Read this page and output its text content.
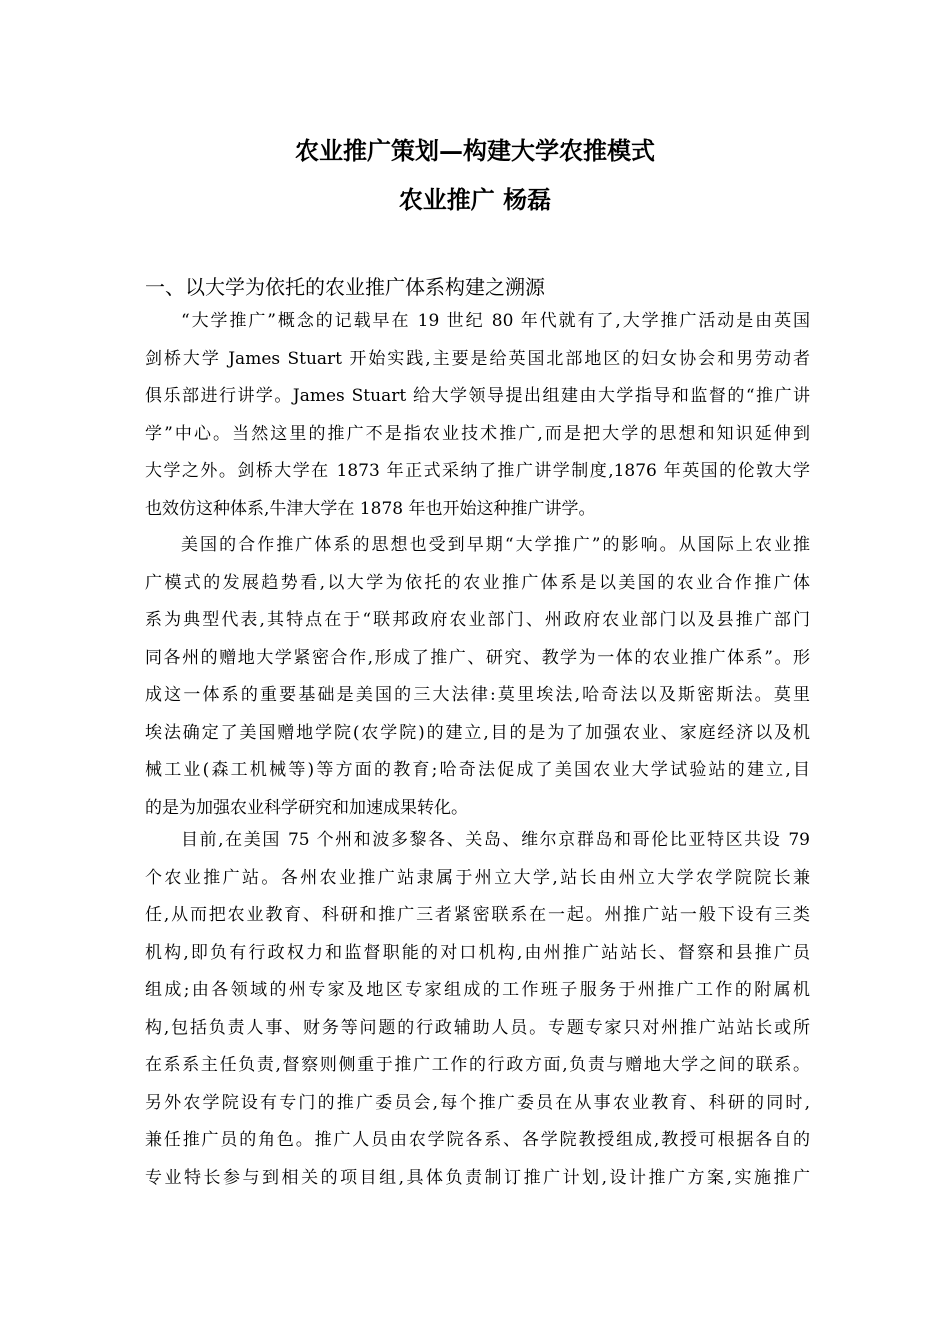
农业推广策划—构建大学农推模式
农业推广 杨磊
一、以大学为依托的农业推广体系构建之溯源
“大学推广”概念的记载早在 19 世纪 80 年代就有了,大学推广活动是由英国
剑桥大学 James Stuart 开始实践,主要是给英国北部地区的妇女协会和男劳动者
俱乐部进行讲学。James Stuart 给大学领导提出组建由大学指导和监督的“推广讲
学”中心。当然这里的推广不是指农业技术推广,而是把大学的思想和知识延伸到
大学之外。剑桥大学在 1873 年正式采纳了推广讲学制度,1876 年英国的伦敦大学
也效仿这种体系,牛津大学在 1878 年也开始这种推广讲学。
美国的合作推广体系的思想也受到早期“大学推广”的影响。从国际上农业推
广模式的发展趋势看,以大学为依托的农业推广体系是以美国的农业合作推广体
系为典型代表,其特点在于“联邦政府农业部门、州政府农业部门以及县推广部门
同各州的赠地大学紧密合作,形成了推广、研究、教学为一体的农业推广体系”。形
成这一体系的重要基础是美国的三大法律:莫里埃法,哈奇法以及斯密斯法。莫里
埃法确定了美国赠地学院(农学院)的建立,目的是为了加强农业、家庭经济以及机
械工业(森工机械等)等方面的教育;哈奇法促成了美国农业大学试验站的建立,目
的是为加强农业科学研究和加速成果转化。
目前,在美国 75 个州和波多黎各、关岛、维尔京群岛和哥伦比亚特区共设 79
个农业推广站。各州农业推广站隶属于州立大学,站长由州立大学农学院院长兼
任,从而把农业教育、科研和推广三者紧密联系在一起。州推广站一般下设有三类
机构,即负有行政权力和监督职能的对口机构,由州推广站站长、督察和县推广员
组成;由各领域的州专家及地区专家组成的工作班子服务于州推广工作的附属机
构,包括负责人事、财务等问题的行政辅助人员。专题专家只对州推广站站长或所
在系系主任负责,督察则侧重于推广工作的行政方面,负责与赠地大学之间的联系。
另外农学院设有专门的推广委员会,每个推广委员在从事农业教育、科研的同时,
兼任推广员的角色。推广人员由农学院各系、各学院教授组成,教授可根据各自的
专业特长参与到相关的项目组,具体负责制订推广计划,设计推广方案,实施推广
